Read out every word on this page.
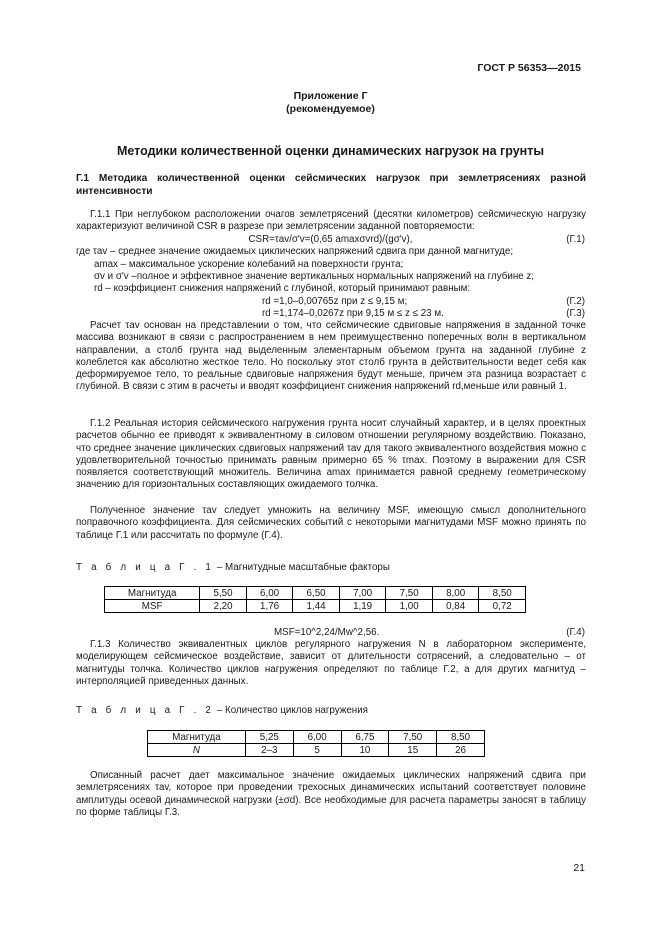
ГОСТ Р 56353—2015
Приложение Г
(рекомендуемое)
Методики количественной оценки динамических нагрузок на грунты
Г.1 Методика количественной оценки сейсмических нагрузок при землетрясениях разной интенсивности

Г.1.1 При неглубоком расположении очагов землетрясений (десятки километров) сейсмическую нагрузку характеризуют величиной CSR в разрезе при землетрясении заданной повторяемости:

CSR=τav/σ'v=(0,65 amaxσvrd)/(gσ'v),	(Г.1)
где τav – среднее значение ожидаемых циклических напряжений сдвига при данной магнитуде;
amax – максимальное ускорение колебаний на поверхности грунта;
σv и σ'v –полное и эффективное значение вертикальных нормальных напряжений на глубине z;
rd – коэффициент снижения напряжений с глубиной, который принимают равным:
rd =1,0–0,00765z при z ≤ 9,15 м;	(Г.2)
rd =1,174–0,0267z при 9,15 м ≤ z ≤ 23 м.	(Г.3)

Расчет τav основан на представлении о том, что сейсмические сдвиговые напряжения в заданной точке массива возникают в связи с распространением в нем преимущественно поперечных волн в вертикальном направлении, а столб грунта над выделенным элементарным объемом грунта на заданной глубине z колеблется как абсолютно жесткое тело. Но поскольку этот столб грунта в действительности ведет себя как деформируемое тело, то реальные сдвиговые напряжения будут меньше, причем эта разница возрастает с глубиной. В связи с этим в расчеты и вводят коэффициент снижения напряжений rd,меньше или равный 1.

Г.1.2 Реальная история сейсмического нагружения грунта носит случайный характер, и в целях проектных расчетов обычно ее приводят к эквивалентному в силовом отношении регулярному воздействию. Показано, что среднее значение циклических сдвиговых напряжений τav для такого эквивалентного воздействия можно с удовлетворительной точностью принимать равным примерно 65 % τmax. Поэтому в выражении для CSR появляется соответствующий множитель. Величина amax принимается равной среднему геометрическому значению для горизонтальных составляющих ожидаемого толчка.

Полученное значение τav следует умножить на величину MSF, имеющую смысл дополнительного поправочного коэффициента. Для сейсмических событий с некоторыми магнитудами MSF можно принять по таблице Г.1 или рассчитать по формуле (Г.4).

Т а б л и ц а Г . 1 – Магнитудные масштабные факторы
Магнитуда	5,50	6,00	6,50	7,00	7,50	8,00	8,50
MSF	2,20	1,76	1,44	1,19	1,00	0,84	0,72
MSF=10^2,24/Mw^2,56.	(Г.4)

Г.1.3 Количество эквивалентных циклов регулярного нагружения N в лабораторном эксперименте, моделирующем сейсмическое воздействие, зависит от длительности сотрясений, а следовательно – от магнитуды толчка. Количество циклов нагружения определяют по таблице Г.2, а для других магнитуд – интерполяцией приведенных данных.

Т а б л и ц а Г . 2 – Количество циклов нагружения
Магнитуда	5,25	6,00	6,75	7,50	8,50
N	2–3	5	10	15	26

Описанный расчет дает максимальное значение ожидаемых циклических напряжений сдвига при землетрясениях τav, которое при проведении трехосных динамических испытаний соответствует половине амплитуды осевой динамической нагрузки (±σd). Все необходимые для расчета параметры заносят в таблицу по форме таблицы Г.3.

21
